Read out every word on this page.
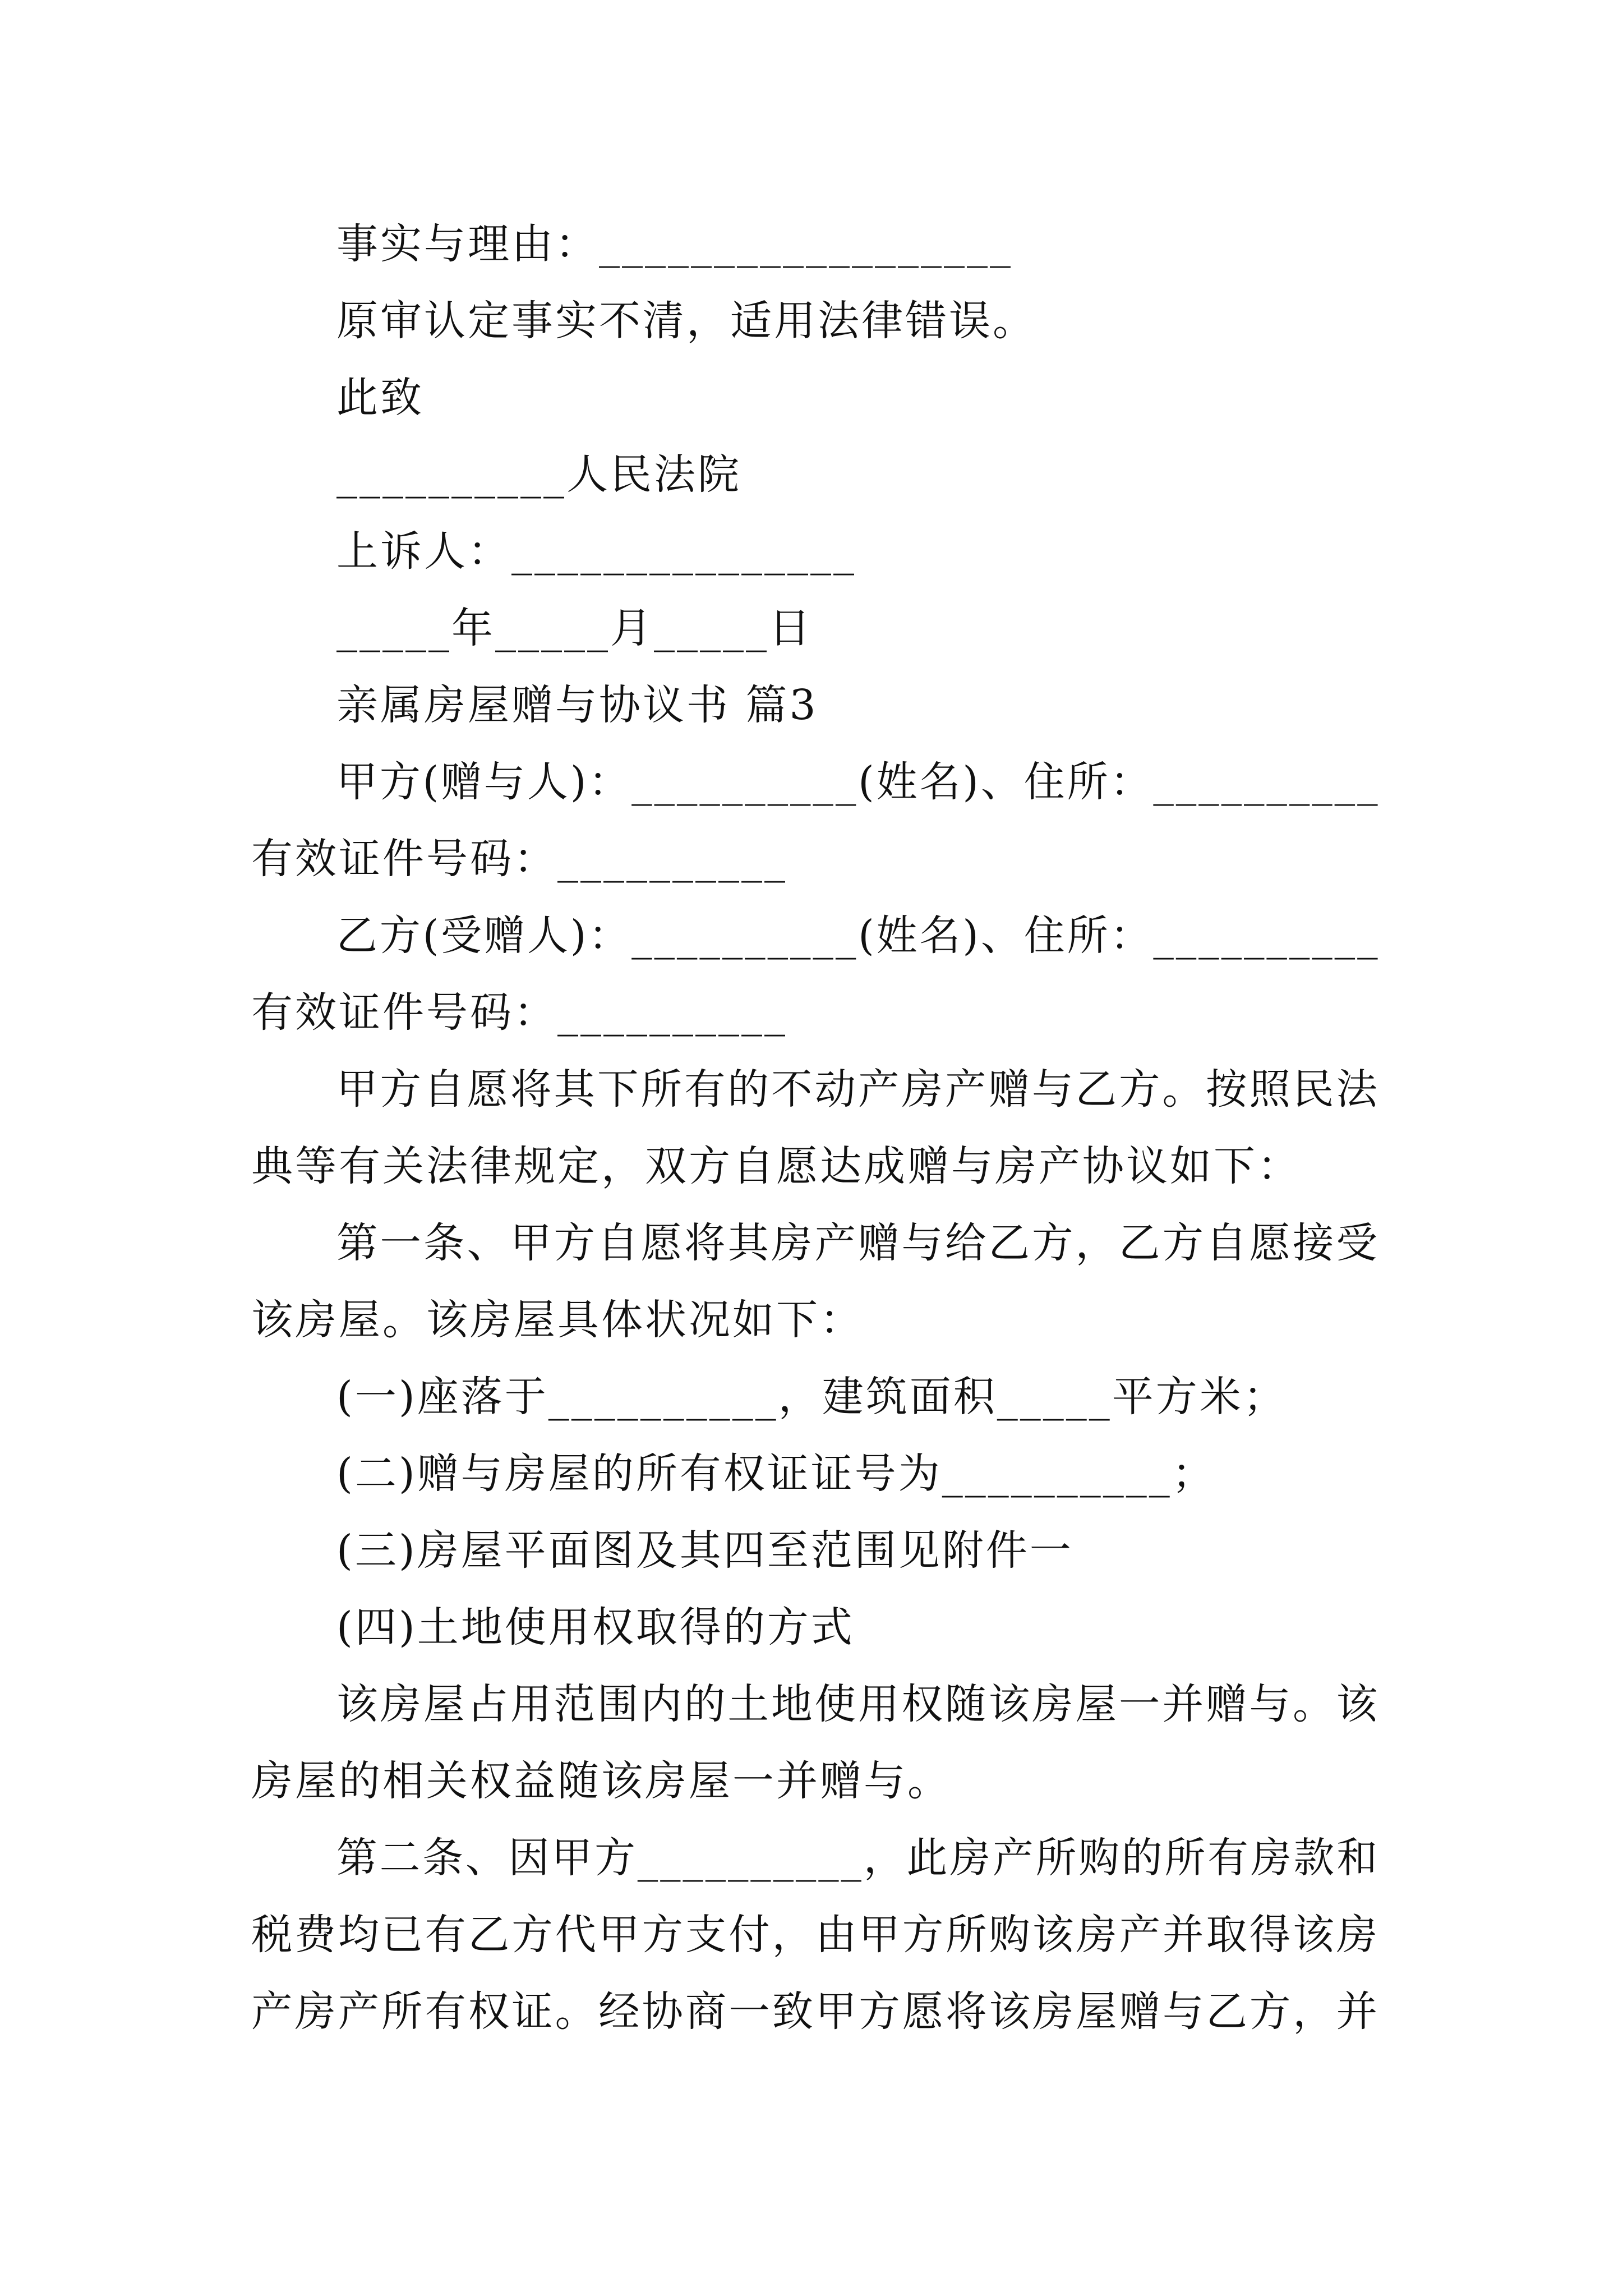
事实与理由：__________________
原审认定事实不清，适用法律错误。
此致
__________人民法院
上诉人：_______________
_____年_____月_____日
亲属房屋赠与协议书 篇3
甲方(赠与人)：__________(姓名)、住所：__________
有效证件号码：__________
乙方(受赠人)：__________(姓名)、住所：__________
有效证件号码：__________
甲方自愿将其下所有的不动产房产赠与乙方。按照民法
典等有关法律规定，双方自愿达成赠与房产协议如下：
第一条、甲方自愿将其房产赠与给乙方，乙方自愿接受
该房屋。该房屋具体状况如下：
(一)座落于__________，建筑面积_____平方米；
(二)赠与房屋的所有权证证号为__________；
(三)房屋平面图及其四至范围见附件一
(四)土地使用权取得的方式
该房屋占用范围内的土地使用权随该房屋一并赠与。该
房屋的相关权益随该房屋一并赠与。
第二条、因甲方__________，此房产所购的所有房款和
税费均已有乙方代甲方支付，由甲方所购该房产并取得该房
产房产所有权证。经协商一致甲方愿将该房屋赠与乙方，并
